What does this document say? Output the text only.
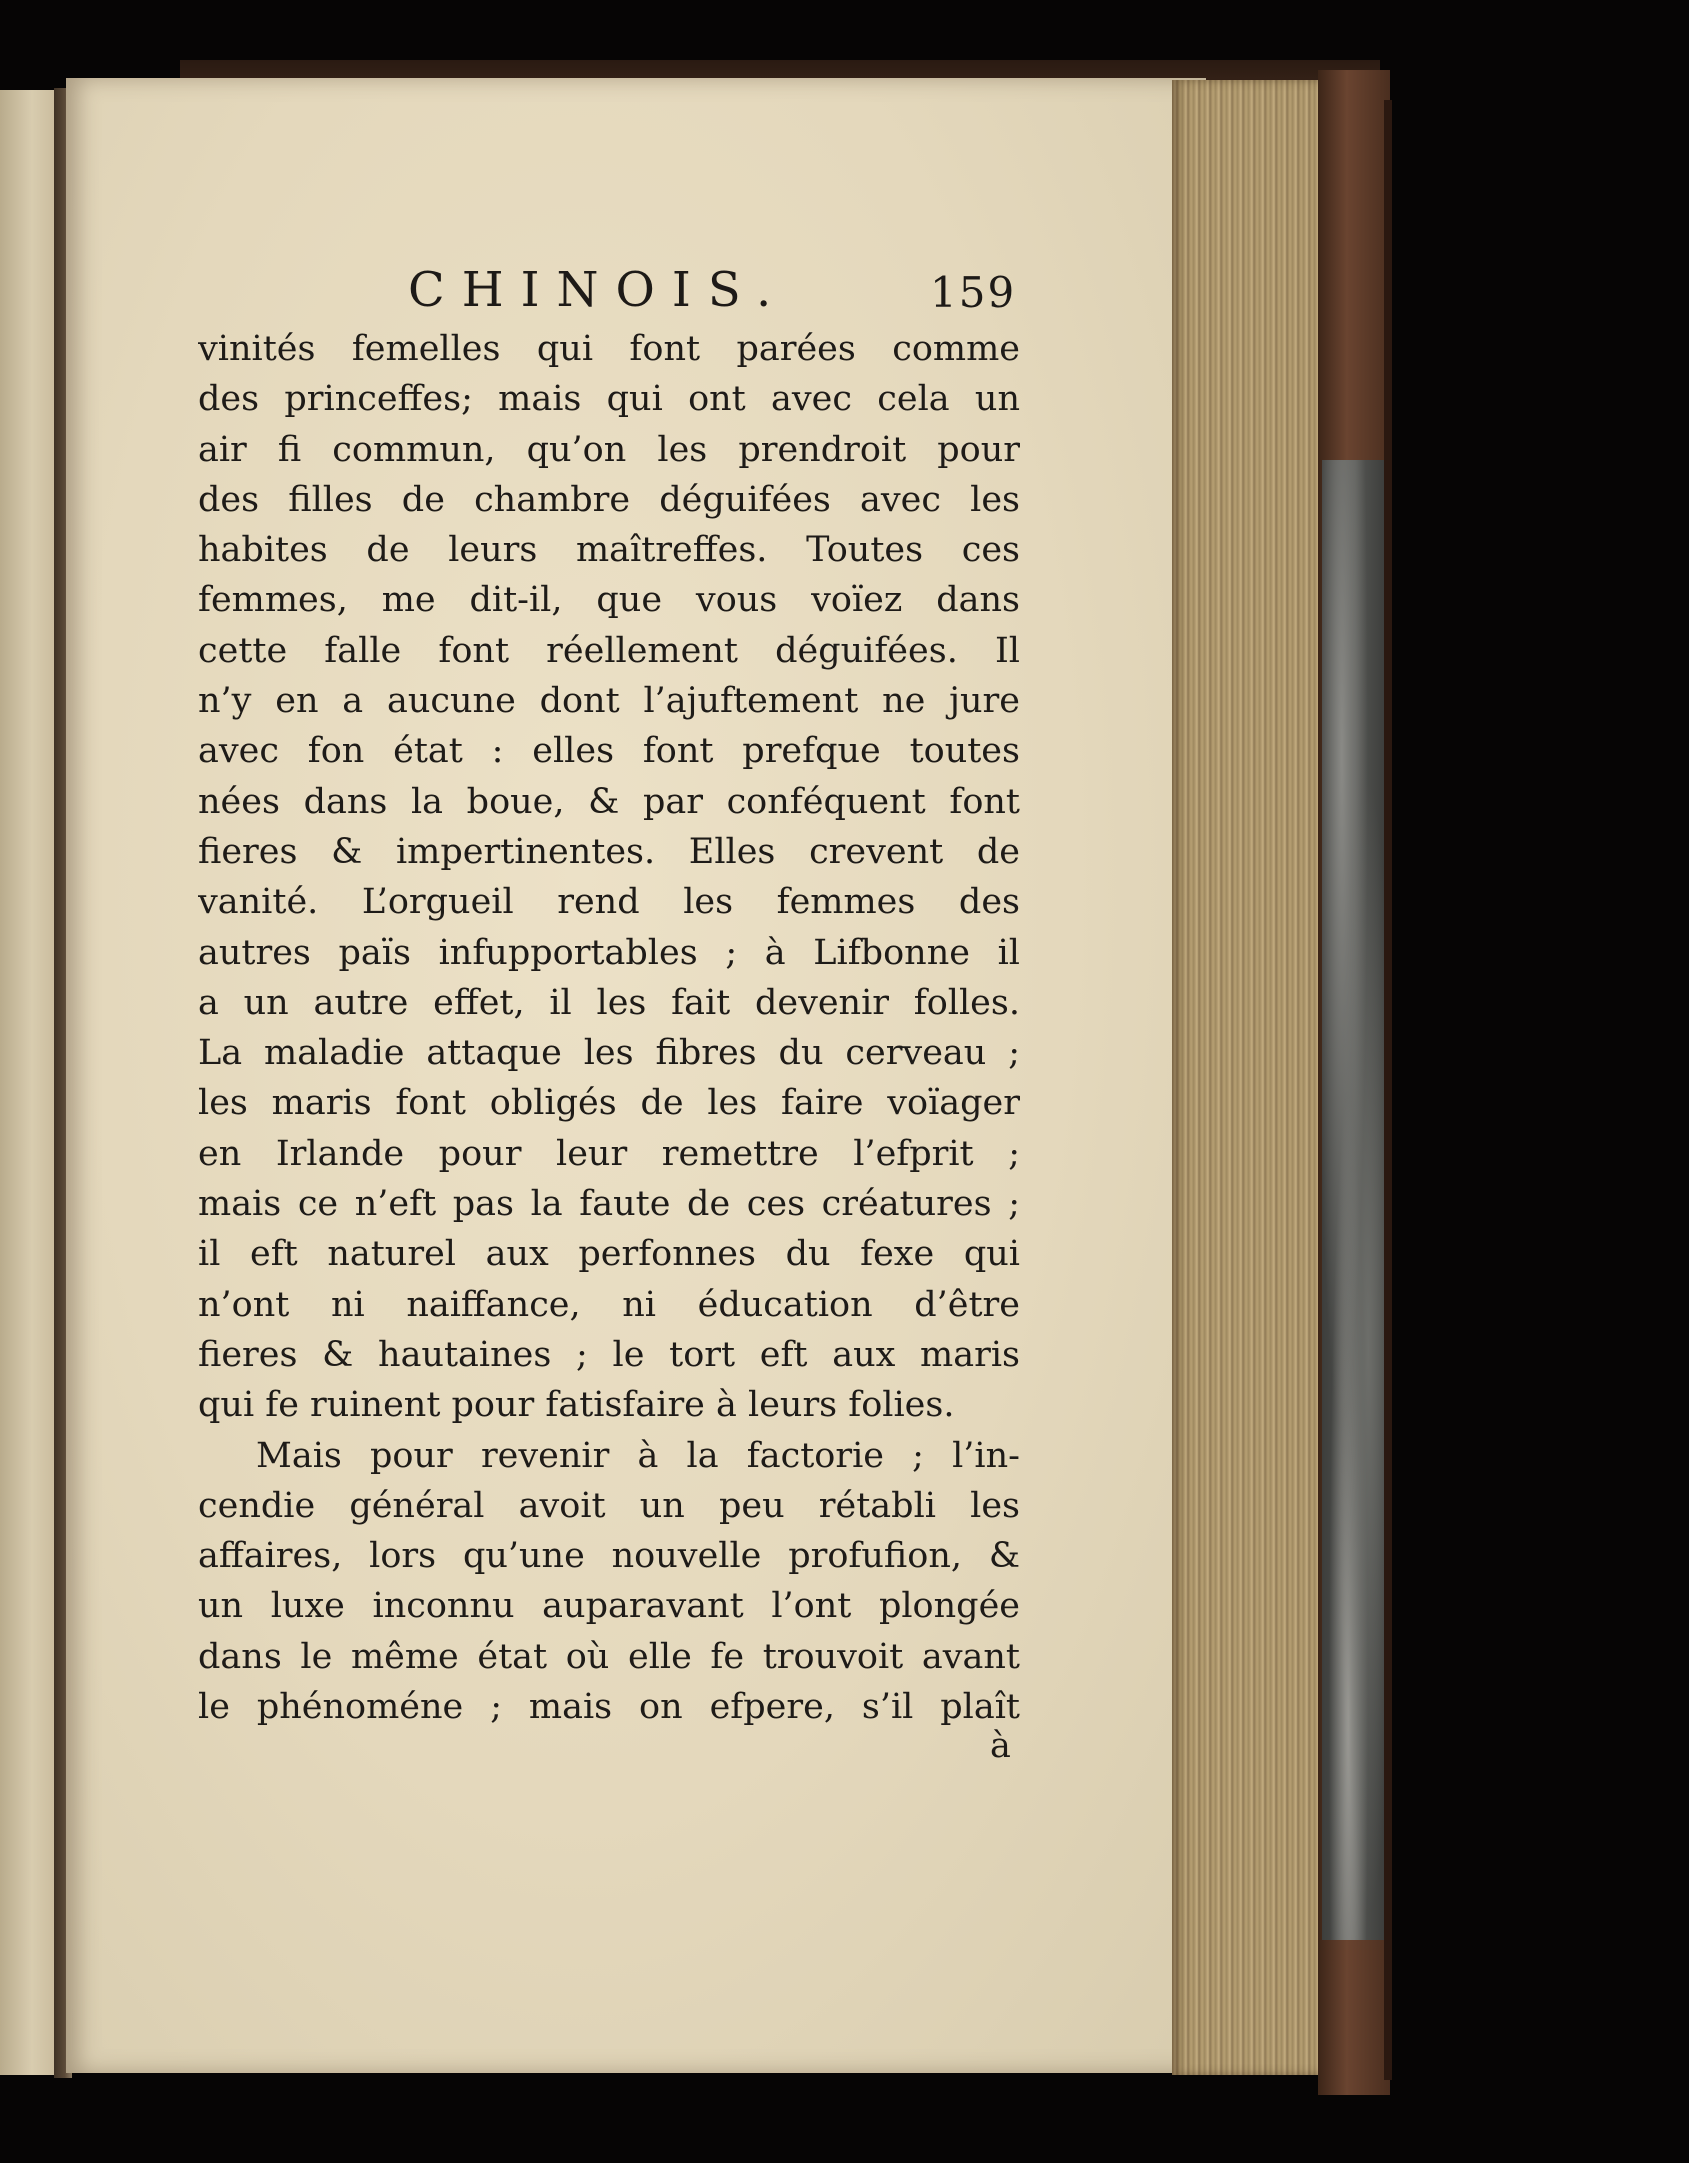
CHINOIS.	159
vinités femelles qui font parées comme
des princeffes; mais qui ont avec cela un
air fi commun, qu’on les prendroit pour
des filles de chambre déguifées avec les
habites de leurs maîtreffes. Toutes ces
femmes, me dit-il, que vous voïez dans
cette falle font réellement déguifées. Il
n’y en a aucune dont l’ajuftement ne jure
avec fon état : elles font prefque toutes
nées dans la boue, & par conféquent font
fieres & impertinentes. Elles crevent de
vanité. L’orgueil rend les femmes des
autres païs infupportables ; à Lifbonne il
a un autre effet, il les fait devenir folles.
La maladie attaque les fibres du cerveau ;
les maris font obligés de les faire voïager
en Irlande pour leur remettre l’efprit ;
mais ce n’eft pas la faute de ces créatures ;
il eft naturel aux perfonnes du fexe qui
n’ont ni naiffance, ni éducation d’être
fieres & hautaines ; le tort eft aux maris
qui fe ruinent pour fatisfaire à leurs folies.
Mais pour revenir à la factorie ; l’in-
cendie général avoit un peu rétabli les
affaires, lors qu’une nouvelle profufion, &
un luxe inconnu auparavant l’ont plongée
dans le même état où elle fe trouvoit avant
le phénoméne ; mais on efpere, s’il plaît
à
